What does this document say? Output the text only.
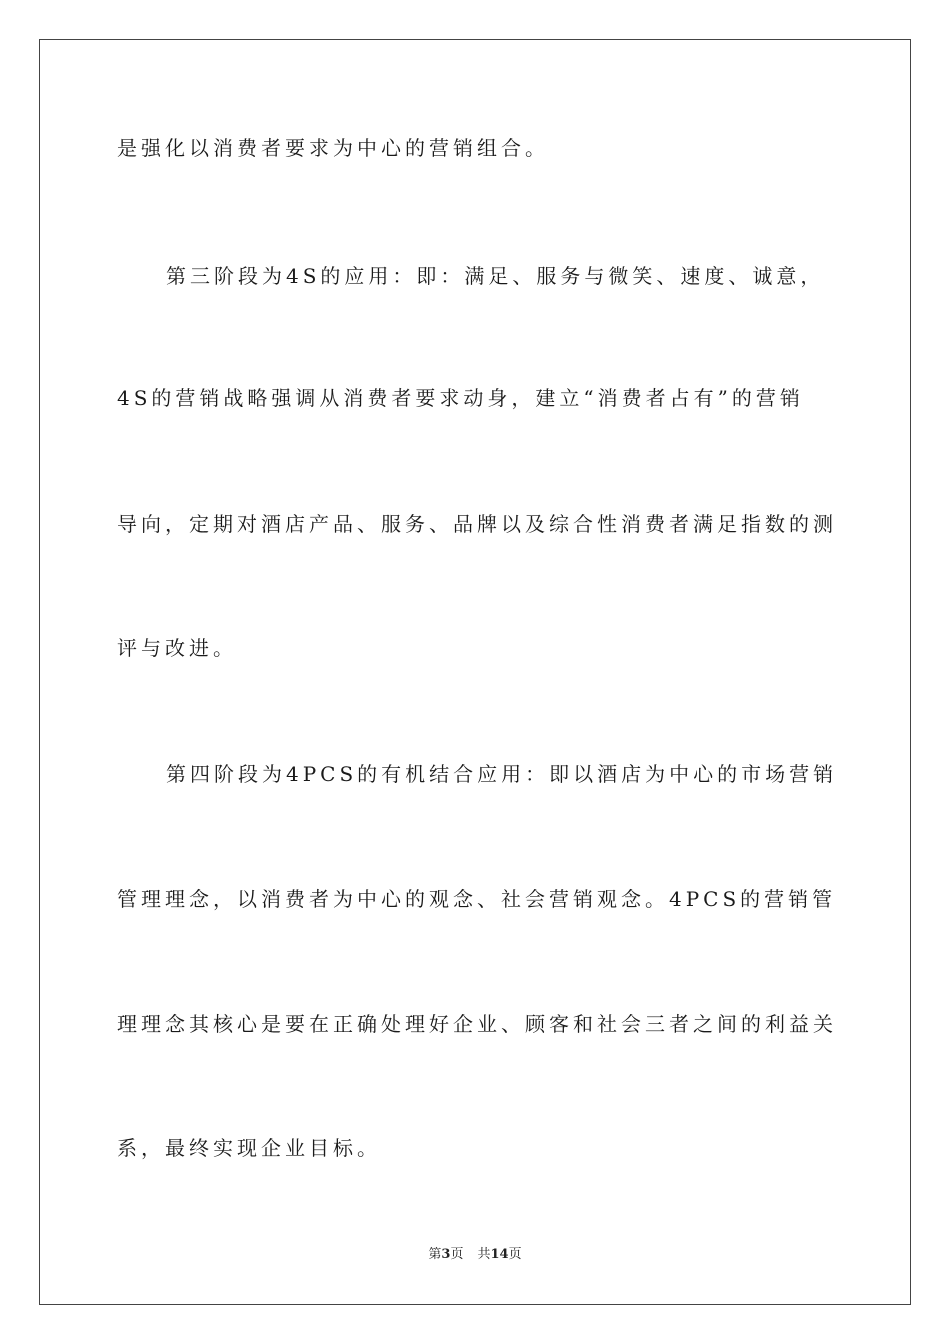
是强化以消费者要求为中心的营销组合。
第三阶段为4S的应用：即：满足、服务与微笑、速度、诚意，
4S的营销战略强调从消费者要求动身，建立“消费者占有”的营销
导向，定期对酒店产品、服务、品牌以及综合性消费者满足指数的测
评与改进。
第四阶段为4PCS的有机结合应用：即以酒店为中心的市场营销
管理理念，以消费者为中心的观念、社会营销观念。4PCS的营销管
理理念其核心是要在正确处理好企业、顾客和社会三者之间的利益关
系，最终实现企业目标。
第3页 共14页
